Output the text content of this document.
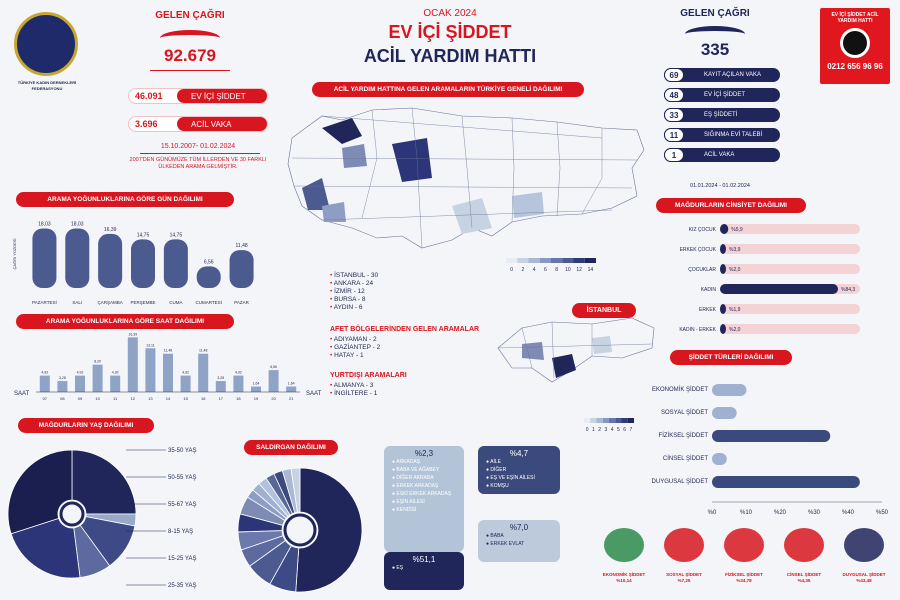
TÜRKİYE KADIN DERNEKLERİ FEDERASYONU
OCAK 2024
EV İÇİ ŞİDDET
ACİL YARDIM HATTI
GELEN ÇAĞRI
92.679
46.091	EV İÇİ ŞİDDET
3.696	ACİL VAKA
15.10.2007- 01.02.2024
2007'DEN GÜNÜMÜZE TÜM İLLERDEN VE 30 FARKLI ÜLKEDEN ARAMA GELMİŞTİR.
GELEN ÇAĞRI
335
69	KAYIT AÇILAN VAKA
48	EV İÇİ ŞİDDET
33	EŞ ŞİDDETİ
11	SIĞINMA EVİ TALEBİ
1	ACİL VAKA
01.01.2024 - 01.02.2024
EV İÇİ ŞİDDET ACİL YARDIM HATTI
0212 656 96 96
ACİL YARDIM HATTINA GELEN ARAMALARIN TÜRKİYE GENELİ DAĞILIMI
0 2 4 6 8 10 12 14
• İSTANBUL - 30
• ANKARA - 24
• İZMİR - 12
• BURSA - 8
• AYDIN - 6
AFET BÖLGELERİNDEN GELEN ARAMALAR
• ADIYAMAN - 2
• GAZİANTEP - 2
• HATAY - 1
YURTDIŞI ARAMALARI
• ALMANYA - 3
• İNGİLTERE - 1
İSTANBUL
0 1 2 3 4 5 6 7
ARAMA YOĞUNLUKLARINA GÖRE GÜN DAĞILIMI
ÇAĞRI YÜZDESİ
18,03
PAZARTESİ
18,03
SALI
16,39
ÇARŞAMBA
14,75
PERŞEMBE
14,75
CUMA
6,56
CUMARTESİ
11,48
PAZAR
ARAMA YOĞUNLUKLARINA GÖRE SAAT DAĞILIMI
4,92
07
3,28
08
4,92
09
8,20
10
4,92
11
16,39
12
13,11
13
11,48
14
4,92
15
11,48
16
3,28
17
4,92
18
1,64
19
6,56
20
1,64
21
SAAT	SAAT
MAĞDURLARIN YAŞ DAĞILIMI
35-50 YAŞ
50-55 YAŞ
55-67 YAŞ
8-15 YAŞ
15-25 YAŞ
25-35 YAŞ
SALDIRGAN DAĞILIMI
%2,3
● ARKADAŞ
● BABA VE AĞABEY
● DİĞER AKRABA
● ERKEK ARKADAŞ
● ESKİ ERKEK ARKADAŞ
● EŞİN AİLESİ
● KENDİSİ
%4,7
● AİLE
● DİĞER
● EŞ VE EŞİN AİLESİ
● KOMŞU
%7,0
● BABA
● ERKEK EVLAT
%51,1
● EŞ
MAĞDURLARIN CİNSİYET DAĞILIMI
KIZ ÇOCUK	%5,9
ERKEK ÇOCUK	%3,9
ÇOCUKLAR	%2,0
KADIN	%84,3
ERKEK	%1,9
KADIN - ERKEK	%2,0
ŞİDDET TÜRLERİ DAĞILIMI
EKONOMİK ŞİDDET
SOSYAL ŞİDDET
FİZİKSEL ŞİDDET
CİNSEL ŞİDDET
DUYGUSAL ŞİDDET
%0	%10	%20	%30	%40	%50
EKONOMİK ŞİDDET
%10,14
SOSYAL ŞİDDET
%7,25
FİZİKSEL ŞİDDET
%34,78
CİNSEL ŞİDDET
%4,35
DUYGUSAL ŞİDDET
%43,48
